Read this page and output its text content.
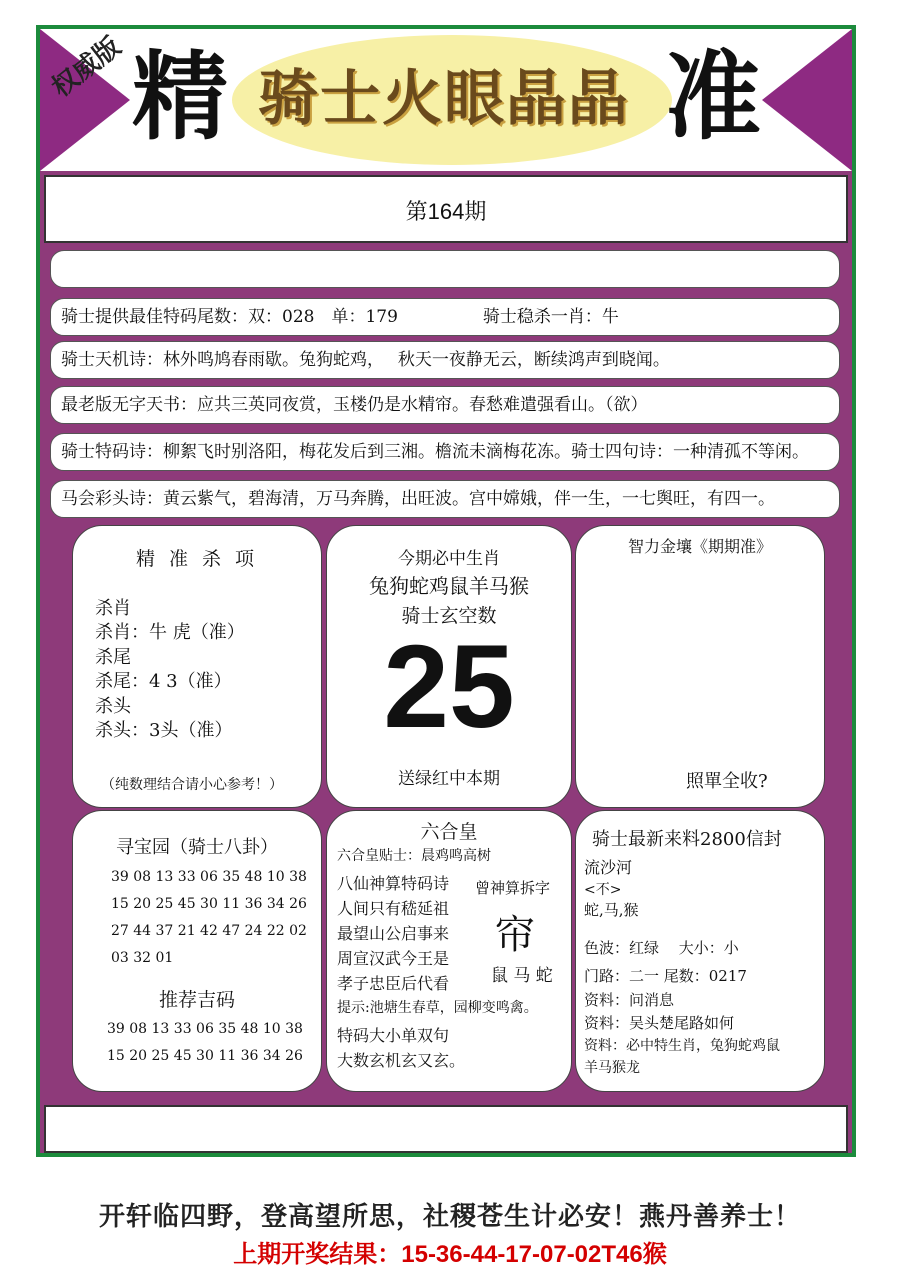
权威版 精 骑士火眼晶晶 准
第164期
骑士提供最佳特码尾数：双：028　单：179　　　　　骑士稳杀一肖：牛
骑士天机诗：林外鸣鸠春雨歇。兔狗蛇鸡，　 秋天一夜静无云，断续鸿声到晓闻。
最老版无字天书：应共三英同夜赏，玉楼仍是水精帘。春愁难遣强看山。（欲）
骑士特码诗：柳絮飞时别洛阳，梅花发后到三湘。檐流未滴梅花冻。骑士四句诗：一种清孤不等闲。
马会彩头诗：黄云紫气，碧海清，万马奔腾，出旺波。宫中嫦娥，伴一生，一七舆旺，有四一。
精 准 杀 项
杀肖
杀肖：牛 虎（准）
杀尾
杀尾：4 3（准）
杀头
杀头：3头（准）
（纯数理结合请小心参考！）
今期必中生肖
兔狗蛇鸡鼠羊马猴
骑士玄空数
25
送绿红中本期
智力金壤《期期准》
照單全收?
寻宝园（骑士八卦）
39 08 13 33 06 35 48 10 38
15 20 25 45 30 11 36 34 26
27 44 37 21 42 47 24 22 02
03 32 01
推荐吉码
39 08 13 33 06 35 48 10 38
15 20 25 45 30 11 36 34 26
六合皇
六合皇贴士：晨鸡鸣高树
八仙神算特码诗
人间只有嵇延祖
最望山公启事来
周宣汉武今王是
孝子忠臣后代看
提示:池塘生春草，园柳变鸣禽。
特码大小单双句
大数玄机玄又玄。
曾神算拆字
帘
鼠 马 蛇
骑士最新来料2800信封
流沙河
<不>
蛇,马,猴
色波：红绿　 大小：小
门路：二一 尾数：0217
资料：问消息
资料：吴头楚尾路如何
资料：必中特生肖，兔狗蛇鸡鼠
羊马猴龙
开轩临四野，登高望所思，社稷苍生计必安！燕丹善养士！
上期开奖结果：15-36-44-17-07-02T46猴
